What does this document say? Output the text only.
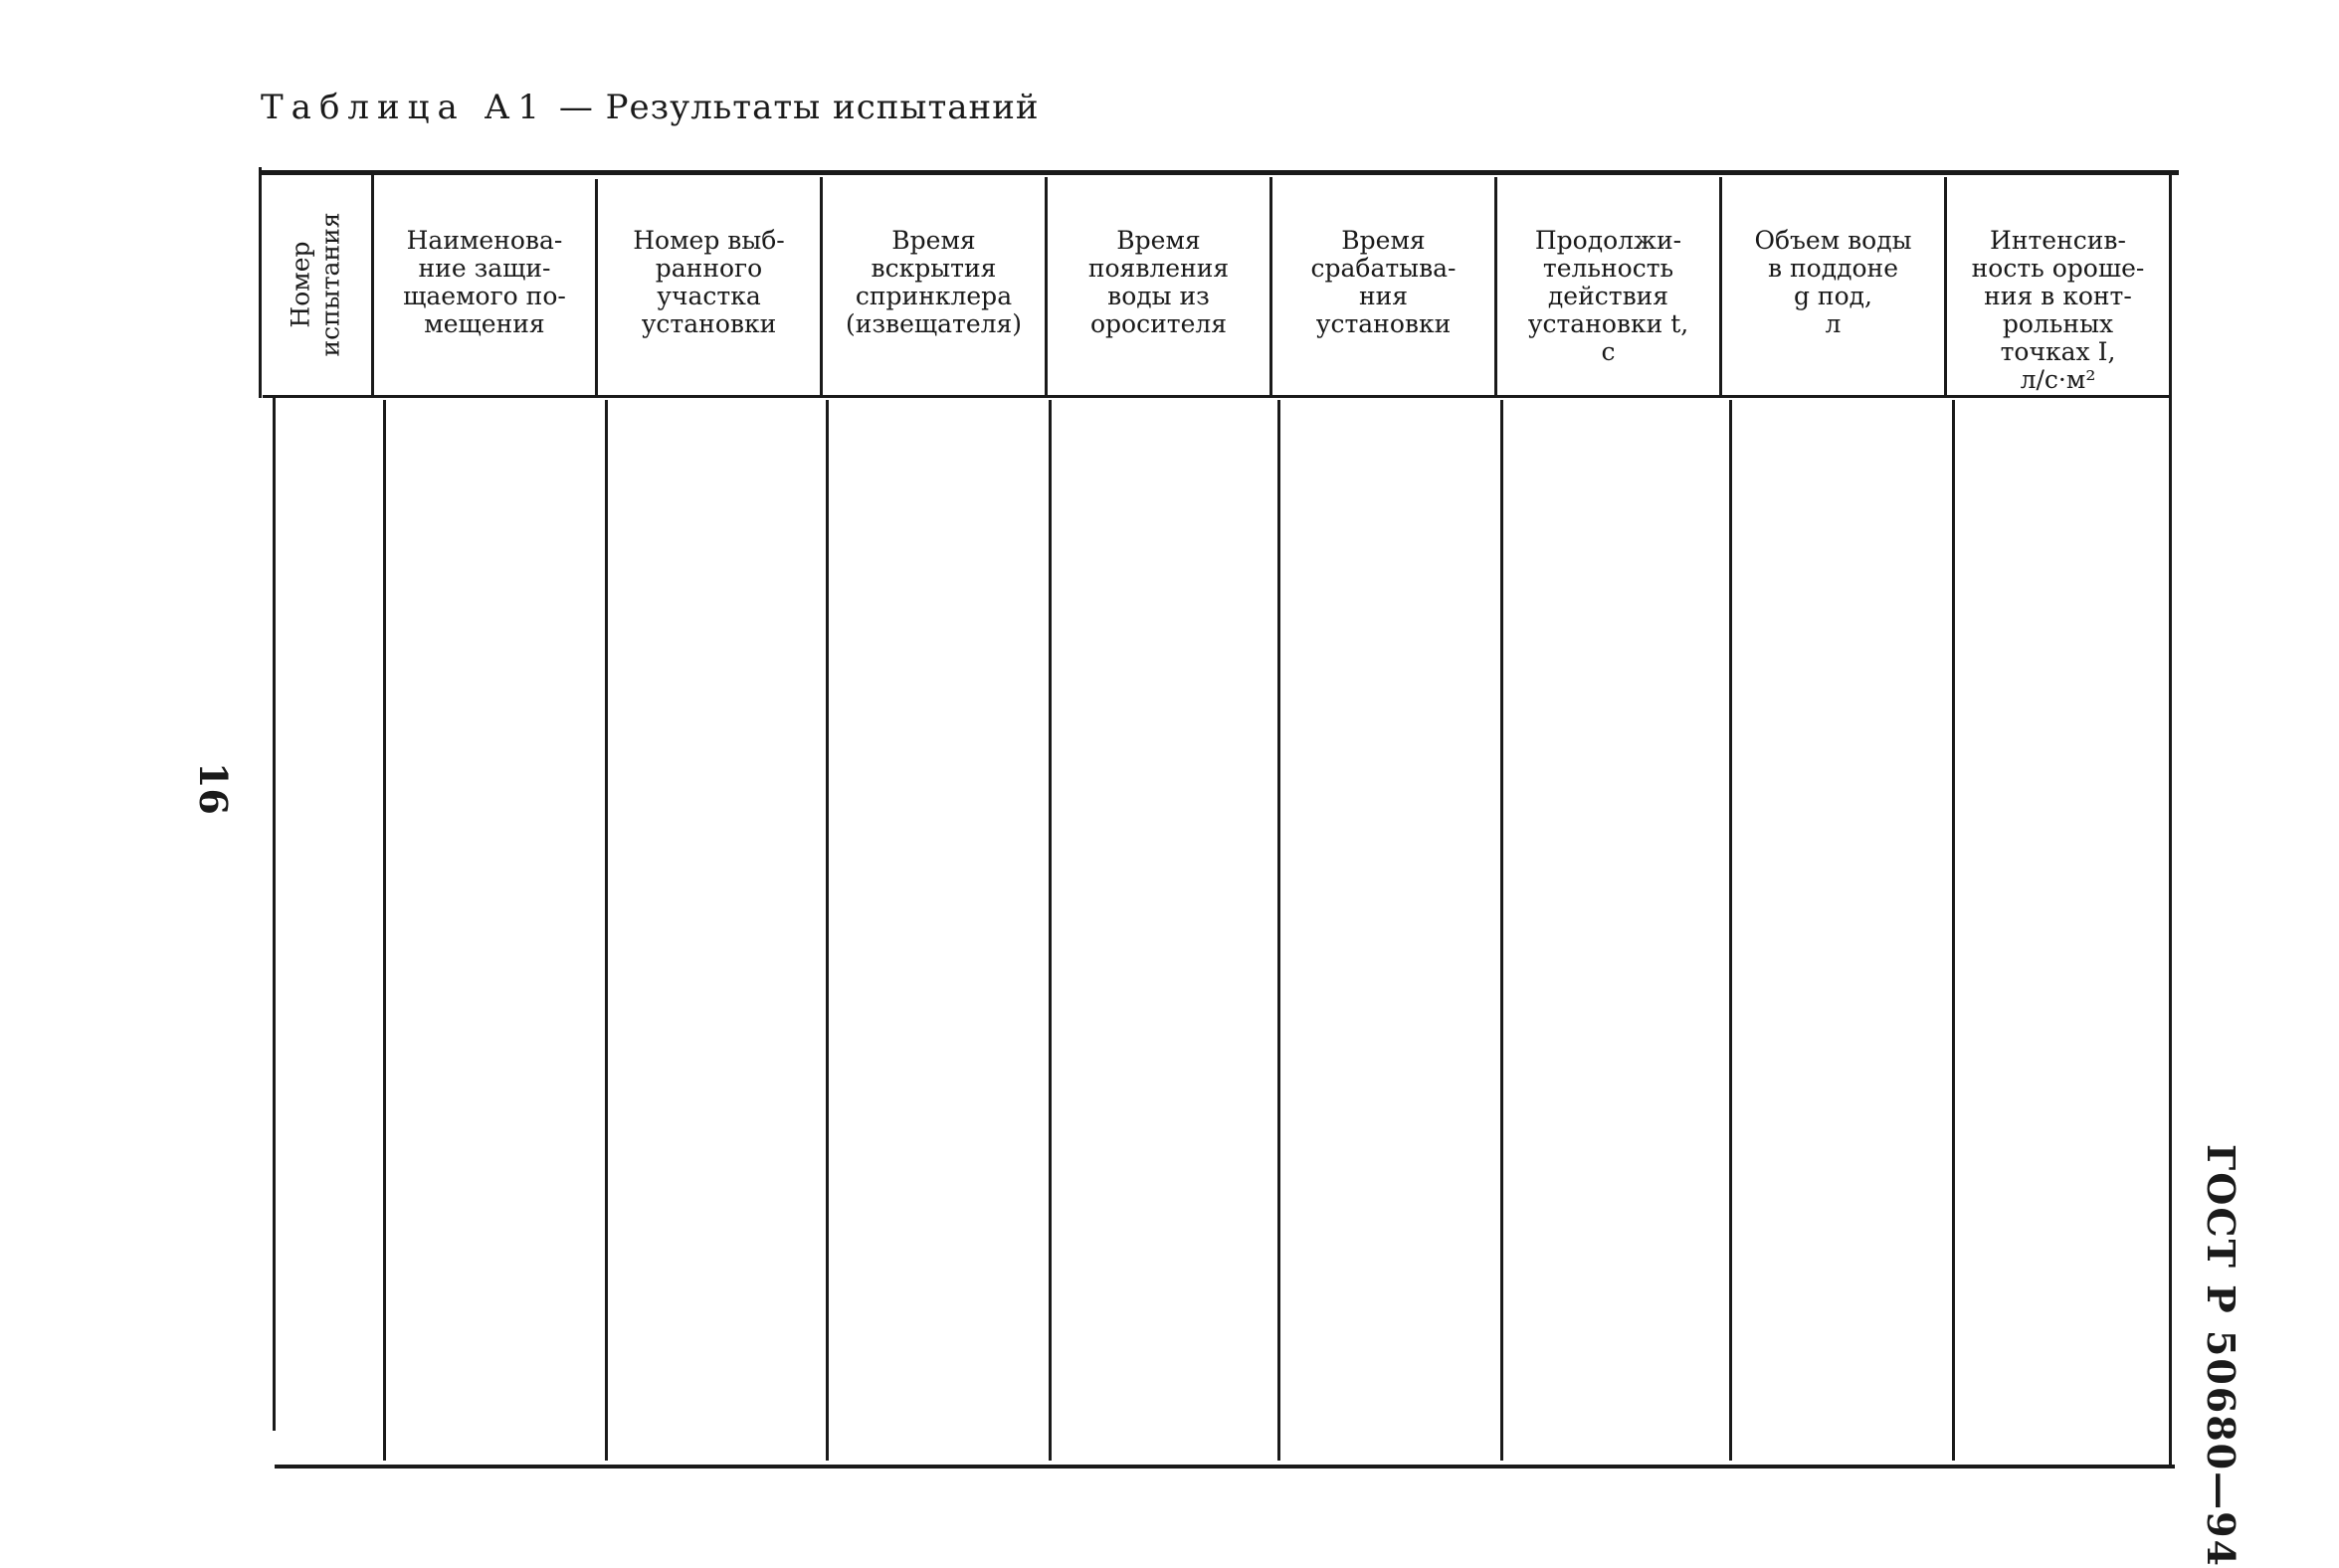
Таблица А1 — Результаты испытаний
Номер
испытания Наименова-
ние защи-
щаемого по-
мещения
Номер выб-
ранного
участка
установки
Время
вскрытия
спринклера
(извещателя)
Время
появления
воды из
оросителя
Время
срабатыва-
ния
установки
Продолжи-
тельность
действия
установки t,
с
Объем воды
в поддоне
g под,
л
Интенсив-
ность ороше-
ния в конт-
рольных
точках I,
л/с·м²
16
ГОСТ Р 50680—94
